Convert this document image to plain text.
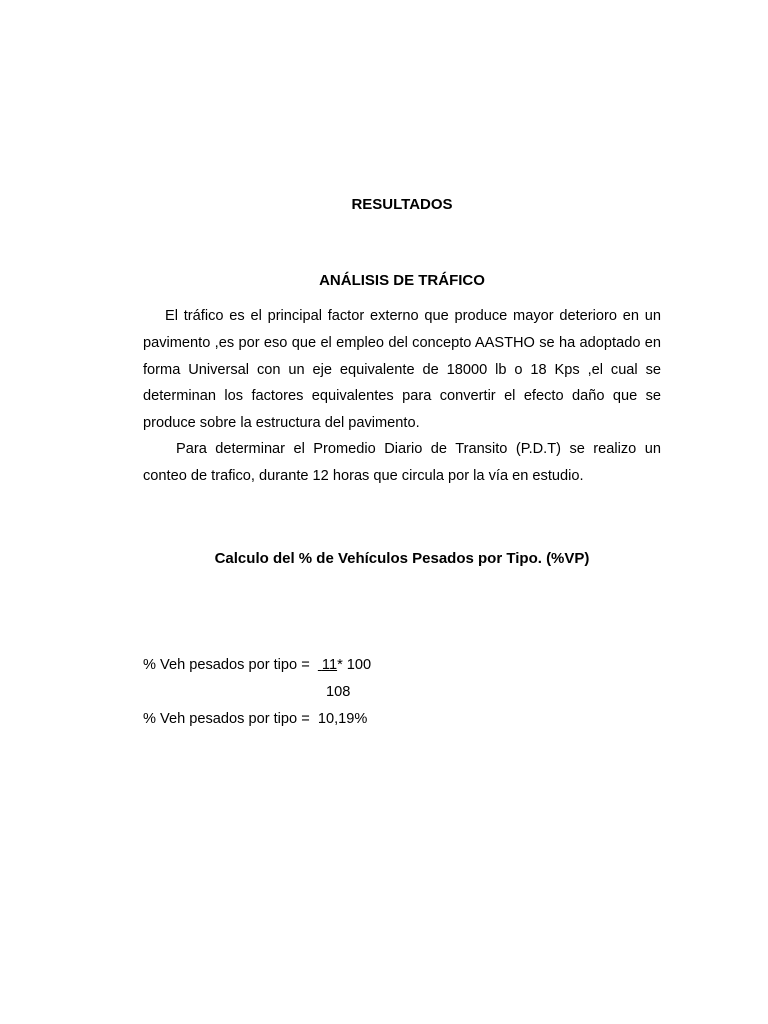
RESULTADOS
ANÁLISIS DE TRÁFICO

El tráfico es el principal factor externo que produce mayor deterioro en un pavimento ,es por eso que el empleo del concepto AASTHO se ha adoptado en forma Universal con un eje equivalente de 18000 lb o 18 Kps ,el cual se determinan los factores equivalentes para convertir el efecto daño que se produce sobre la estructura del pavimento.

Para determinar el Promedio Diario de Transito (P.D.T) se realizo un conteo de trafico, durante 12 horas que circula por la vía en estudio.

Calculo del % de Vehículos Pesados por Tipo. (%VP)
% Veh pesados por tipo =   11* 100
108
% Veh pesados por tipo =  10,19%
